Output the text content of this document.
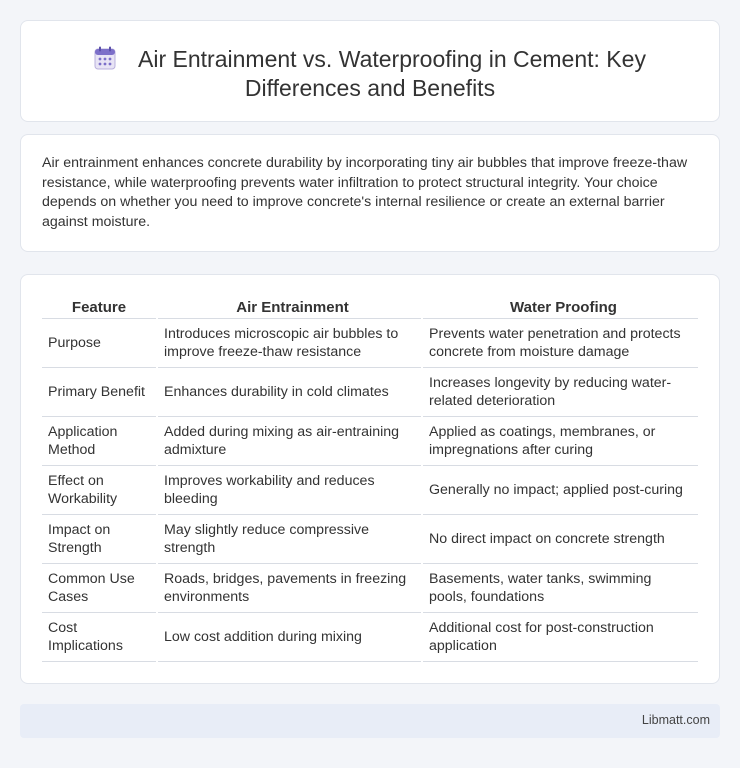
Air Entrainment vs. Waterproofing in Cement: Key Differences and Benefits

Air entrainment enhances concrete durability by incorporating tiny air bubbles that improve freeze-thaw resistance, while waterproofing prevents water infiltration to protect structural integrity. Your choice depends on whether you need to improve concrete's internal resilience or create an external barrier against moisture.

Feature		Air Entrainment		Water Proofing
Purpose		Introduces microscopic air bubbles to improve freeze-thaw resistance		Prevents water penetration and protects concrete from moisture damage
Primary Benefit		Enhances durability in cold climates		Increases longevity by reducing water-related deterioration
Application Method		Added during mixing as air-entraining admixture		Applied as coatings, membranes, or impregnations after curing
Effect on Workability		Improves workability and reduces bleeding		Generally no impact; applied post-curing
Impact on Strength		May slightly reduce compressive strength		No direct impact on concrete strength
Common Use Cases		Roads, bridges, pavements in freezing environments		Basements, water tanks, swimming pools, foundations
Cost Implications		Low cost addition during mixing		Additional cost for post-construction application
Libmatt.com
